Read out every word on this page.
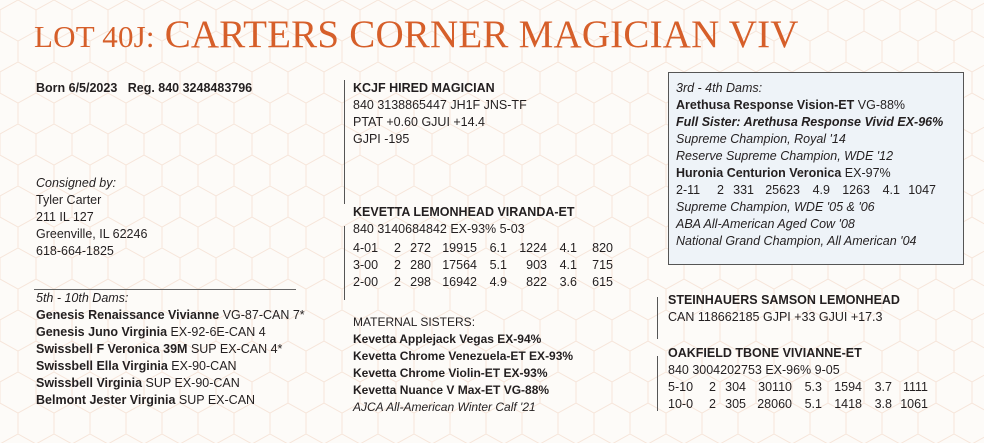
LOT 40J: CARTERS CORNER MAGICIAN VIV
Born 6/5/2023 Reg. 840 3248483796
Consigned by:
Tyler Carter
211 IL 127
Greenville, IL 62246
618-664-1825
5th - 10th Dams:
Genesis Renaissance Vivianne VG-87-CAN 7*
Genesis Juno Virginia EX-92-6E-CAN 4
Swissbell F Veronica 39M SUP EX-CAN 4*
Swissbell Ella Virginia EX-90-CAN
Swissbell Virginia SUP EX-90-CAN
Belmont Jester Virginia SUP EX-CAN
KCJF HIRED MAGICIAN
840 3138865447 JH1F JNS-TF
PTAT +0.60 GJUI +14.4
GJPI -195
KEVETTA LEMONHEAD VIRANDA-ET
840 3140684842 EX-93% 5-03
4-01	2 272 19915	6.1 1224	4.1	820
3-00	2 280 17564	5.1	903	4.1	715
2-00	2 298 16942	4.9	822	3.6	615
MATERNAL SISTERS:
Kevetta Applejack Vegas EX-94%
Kevetta Chrome Venezuela-ET EX-93%
Kevetta Chrome Violin-ET EX-93%
Kevetta Nuance V Max-ET VG-88%
AJCA All-American Winter Calf '21
3rd - 4th Dams:
Arethusa Response Vision-ET VG-88%
Full Sister: Arethusa Response Vivid EX-96%
Supreme Champion, Royal '14
Reserve Supreme Champion, WDE '12
Huronia Centurion Veronica EX-97%
2-11	2 331 25623	4.9 1263	4.1 1047
Supreme Champion, WDE '05 & '06
ABA All-American Aged Cow '08
National Grand Champion, All American '04
STEINHAUERS SAMSON LEMONHEAD
CAN 118662185 GJPI +33 GJUI +17.3
OAKFIELD TBONE VIVIANNE-ET
840 3004202753 EX-96% 9-05
5-10	2 304 30110	5.3 1594	3.7 1111
10-0	2 305 28060	5.1 1418	3.8 1061
